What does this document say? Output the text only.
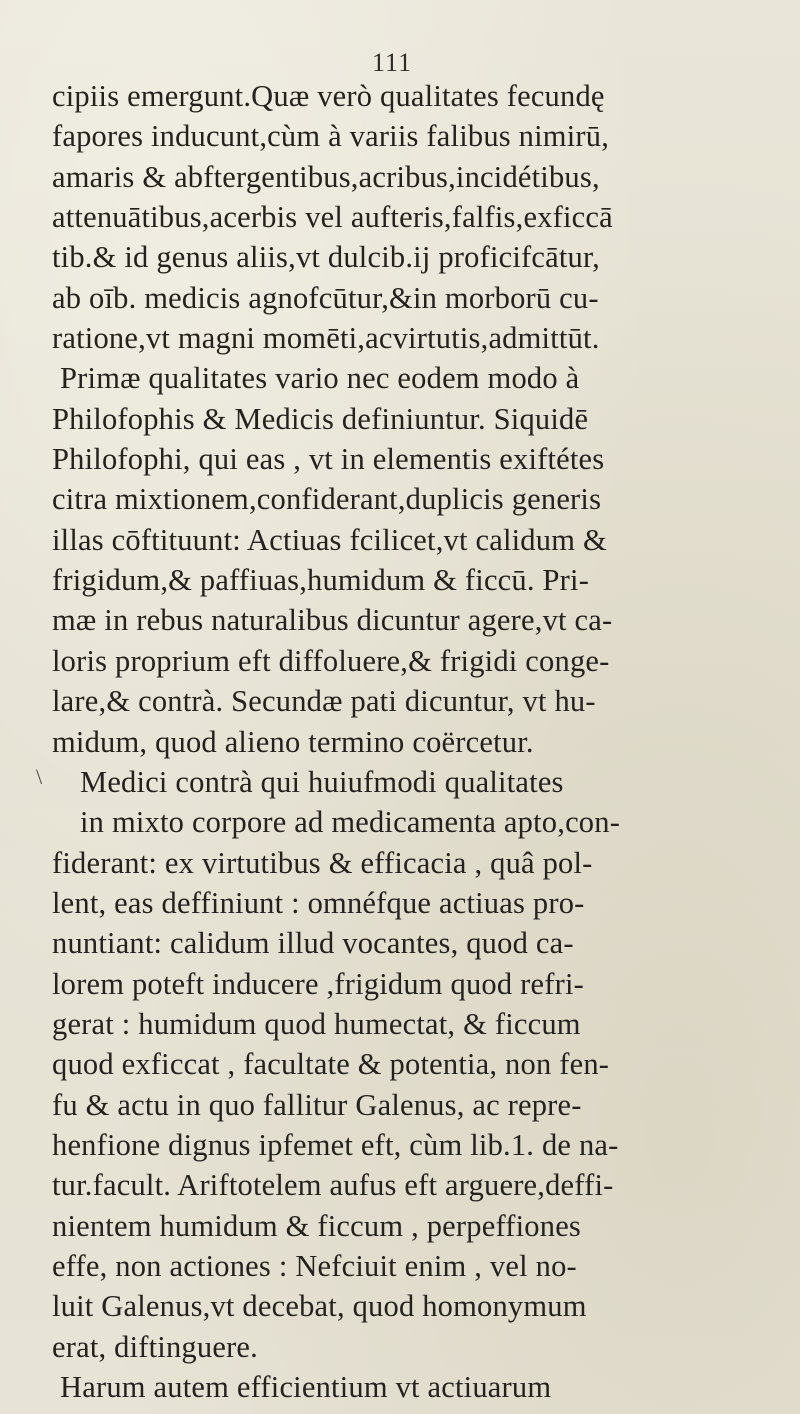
111
\
cipiis emergunt.Quæ verò qualitates fecundę
fapores inducunt,cùm à variis falibus nimirū,
amaris & abftergentibus,acribus,incidétibus,
attenuātibus,acerbis vel aufteris,falfis,exficcā
tib.& id genus aliis,vt dulcib.ij proficifcātur,
ab oīb. medicis agnofcūtur,&in morborū cu-
ratione,vt magni momēti,acvirtutis,admittūt.
Primæ qualitates vario nec eodem modo à
Philofophis & Medicis definiuntur. Siquidē
Philofophi, qui eas , vt in elementis exiftétes
citra mixtionem,confiderant,duplicis generis
illas cōftituunt: Actiuas fcilicet,vt calidum &
frigidum,& paffiuas,humidum & ficcū. Pri-
mæ in rebus naturalibus dicuntur agere,vt ca-
loris proprium eft diffoluere,& frigidi conge-
lare,& contrà. Secundæ pati dicuntur, vt hu-
midum, quod alieno termino coërcetur.
Medici contrà qui huiufmodi qualitates
in mixto corpore ad medicamenta apto,con-
fiderant: ex virtutibus & efficacia , quâ pol-
lent, eas deffiniunt : omnéfque actiuas pro-
nuntiant: calidum illud vocantes, quod ca-
lorem poteft inducere ,frigidum quod refri-
gerat : humidum quod humectat, & ficcum
quod exficcat , facultate & potentia, non fen-
fu & actu in quo fallitur Galenus, ac repre-
henfione dignus ipfemet eft, cùm lib.1. de na-
tur.facult. Ariftotelem aufus eft arguere,deffi-
nientem humidum & ficcum , perpeffiones
effe, non actiones : Nefciuit enim , vel no-
luit Galenus,vt decebat, quod homonymum
erat, diftinguere.
Harum autem efficientium vt actiuarum
